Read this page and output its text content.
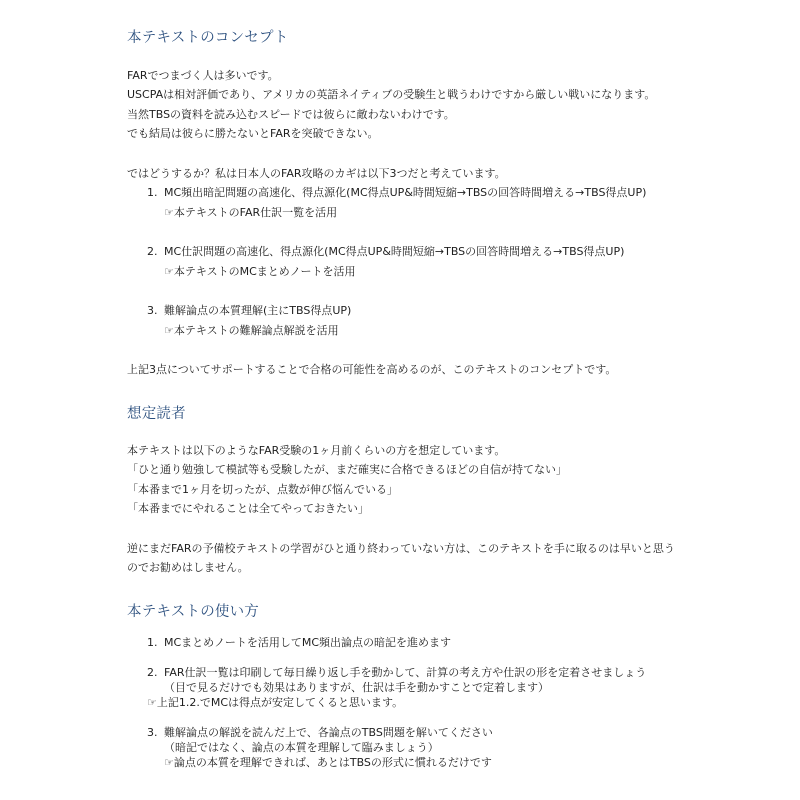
本テキストのコンセプト
FARでつまづく人は多いです。
USCPAは相対評価であり、アメリカの英語ネイティブの受験生と戦うわけですから厳しい戦いになります。
当然TBSの資料を読み込むスピードでは彼らに敵わないわけです。
でも結局は彼らに勝たないとFARを突破できない。
ではどうするか？私は日本人のFAR攻略のカギは以下3つだと考えています。
1. MC頻出暗記問題の高速化、得点源化(MC得点UP&時間短縮→TBSの回答時間増える→TBS得点UP)
☞本テキストのFAR仕訳一覧を活用
2. MC仕訳問題の高速化、得点源化(MC得点UP&時間短縮→TBSの回答時間増える→TBS得点UP)
☞本テキストのMCまとめノートを活用
3. 難解論点の本質理解(主にTBS得点UP)
☞本テキストの難解論点解説を活用
上記3点についてサポートすることで合格の可能性を高めるのが、このテキストのコンセプトです。
想定読者
本テキストは以下のようなFAR受験の1ヶ月前くらいの方を想定しています。
「ひと通り勉強して模試等も受験したが、まだ確実に合格できるほどの自信が持てない」
「本番まで1ヶ月を切ったが、点数が伸び悩んでいる」
「本番までにやれることは全てやっておきたい」
逆にまだFARの予備校テキストの学習がひと通り終わっていない方は、このテキストを手に取るのは早いと思う
のでお勧めはしません。
本テキストの使い方
1. MCまとめノートを活用してMC頻出論点の暗記を進めます
2. FAR仕訳一覧は印刷して毎日繰り返し手を動かして、計算の考え方や仕訳の形を定着させましょう
（目で見るだけでも効果はありますが、仕訳は手を動かすことで定着します）
☞上記1.2.でMCは得点が安定してくると思います。
3. 難解論点の解説を読んだ上で、各論点のTBS問題を解いてください
（暗記ではなく、論点の本質を理解して臨みましょう）
☞論点の本質を理解できれば、あとはTBSの形式に慣れるだけです
